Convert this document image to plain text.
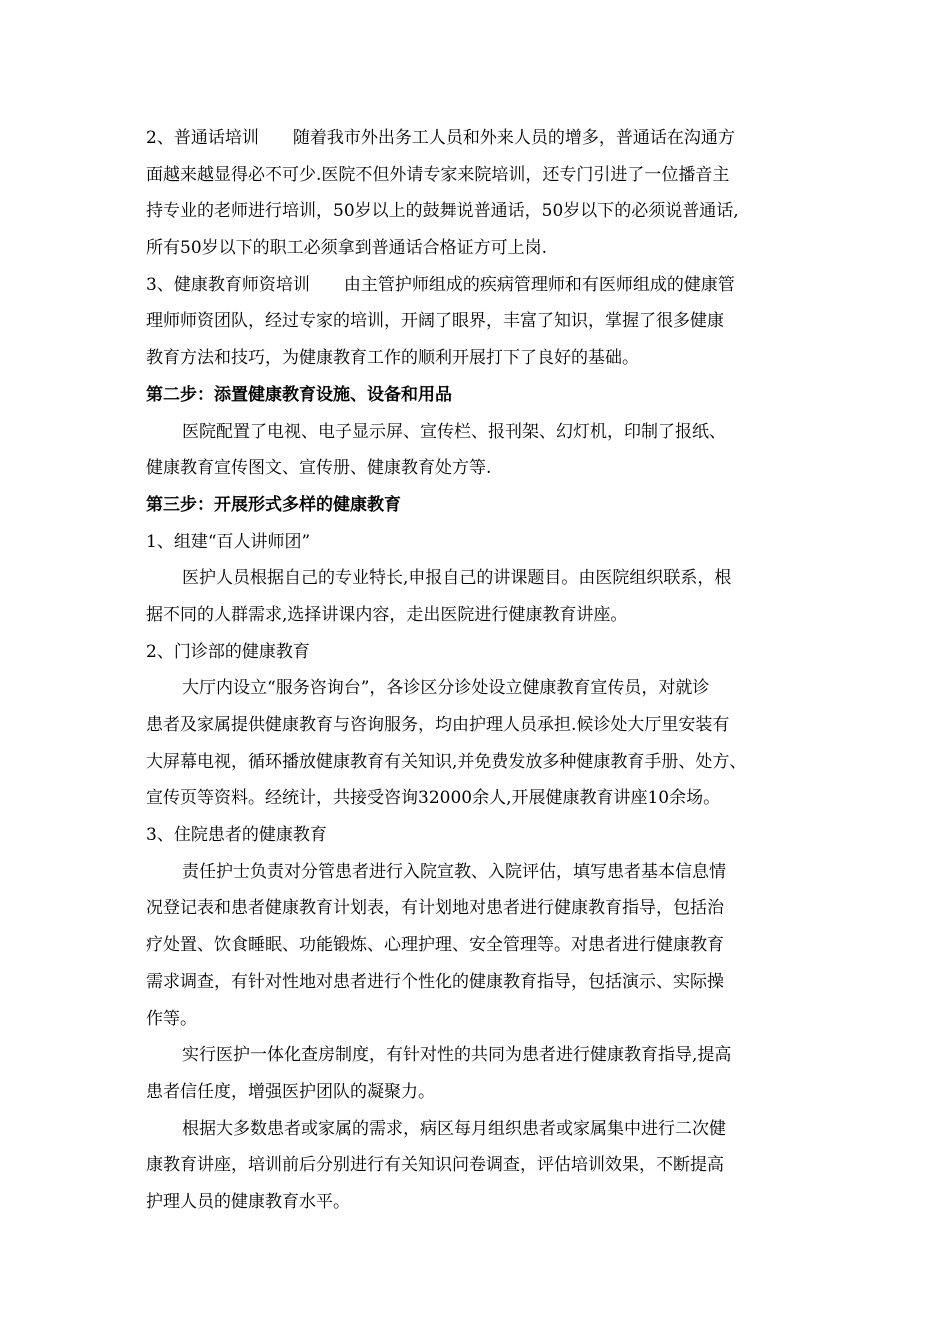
2、普通话培训　　随着我市外出务工人员和外来人员的增多，普通话在沟通方
面越来越显得必不可少.医院不但外请专家来院培训，还专门引进了一位播音主
持专业的老师进行培训，50岁以上的鼓舞说普通话，50岁以下的必须说普通话,
所有50岁以下的职工必须拿到普通话合格证方可上岗.
3、健康教育师资培训　　由主管护师组成的疾病管理师和有医师组成的健康管
理师师资团队，经过专家的培训，开阔了眼界，丰富了知识，掌握了很多健康
教育方法和技巧，为健康教育工作的顺利开展打下了良好的基础。
第二步：添置健康教育设施、设备和用品
医院配置了电视、电子显示屏、宣传栏、报刊架、幻灯机，印制了报纸、
健康教育宣传图文、宣传册、健康教育处方等.
第三步：开展形式多样的健康教育
1、组建“百人讲师团”
医护人员根据自己的专业特长,申报自己的讲课题目。由医院组织联系，根
据不同的人群需求,选择讲课内容，走出医院进行健康教育讲座。
2、门诊部的健康教育
大厅内设立“服务咨询台”，各诊区分诊处设立健康教育宣传员，对就诊
患者及家属提供健康教育与咨询服务，均由护理人员承担.候诊处大厅里安装有
大屏幕电视，循环播放健康教育有关知识,并免费发放多种健康教育手册、处方、
宣传页等资料。经统计，共接受咨询32000余人,开展健康教育讲座10余场。
3、住院患者的健康教育
责任护士负责对分管患者进行入院宣教、入院评估，填写患者基本信息情
况登记表和患者健康教育计划表，有计划地对患者进行健康教育指导，包括治
疗处置、饮食睡眠、功能锻炼、心理护理、安全管理等。对患者进行健康教育
需求调查，有针对性地对患者进行个性化的健康教育指导，包括演示、实际操
作等。
实行医护一体化查房制度，有针对性的共同为患者进行健康教育指导,提高
患者信任度，增强医护团队的凝聚力。
根据大多数患者或家属的需求，病区每月组织患者或家属集中进行二次健
康教育讲座，培训前后分别进行有关知识问卷调查，评估培训效果，不断提高
护理人员的健康教育水平。
